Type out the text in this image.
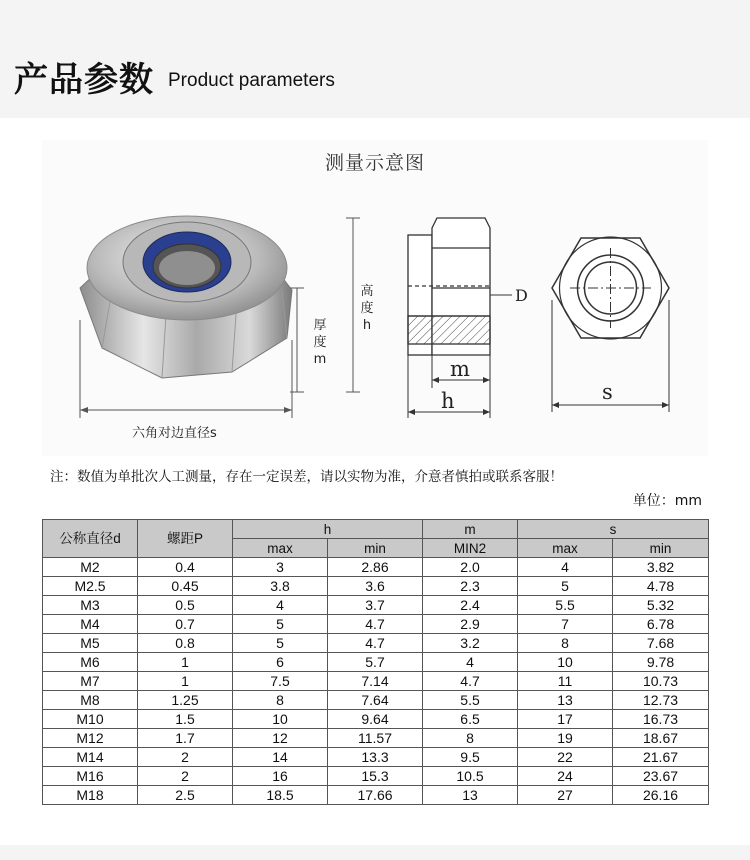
产品参数 Product parameters
测量示意图
高
度
h
厚
度
m
六角对边直径s
D
m
h	s
注：数值为单批次人工测量，存在一定误差，请以实物为准，介意者慎拍或联系客服！
单位：mm
公称直径d	螺距P	h		m	s	
		max	min	MIN2	max	min
M2	0.4	3	2.86	2.0	4	3.82
M2.5	0.45	3.8	3.6	2.3	5	4.78
M3	0.5	4	3.7	2.4	5.5	5.32
M4	0.7	5	4.7	2.9	7	6.78
M5	0.8	5	4.7	3.2	8	7.68
M6	1	6	5.7	4	10	9.78
M7	1	7.5	7.14	4.7	11	10.73
M8	1.25	8	7.64	5.5	13	12.73
M10	1.5	10	9.64	6.5	17	16.73
M12	1.7	12	11.57	8	19	18.67
M14	2	14	13.3	9.5	22	21.67
M16	2	16	15.3	10.5	24	23.67
M18	2.5	18.5	17.66	13	27	26.16
